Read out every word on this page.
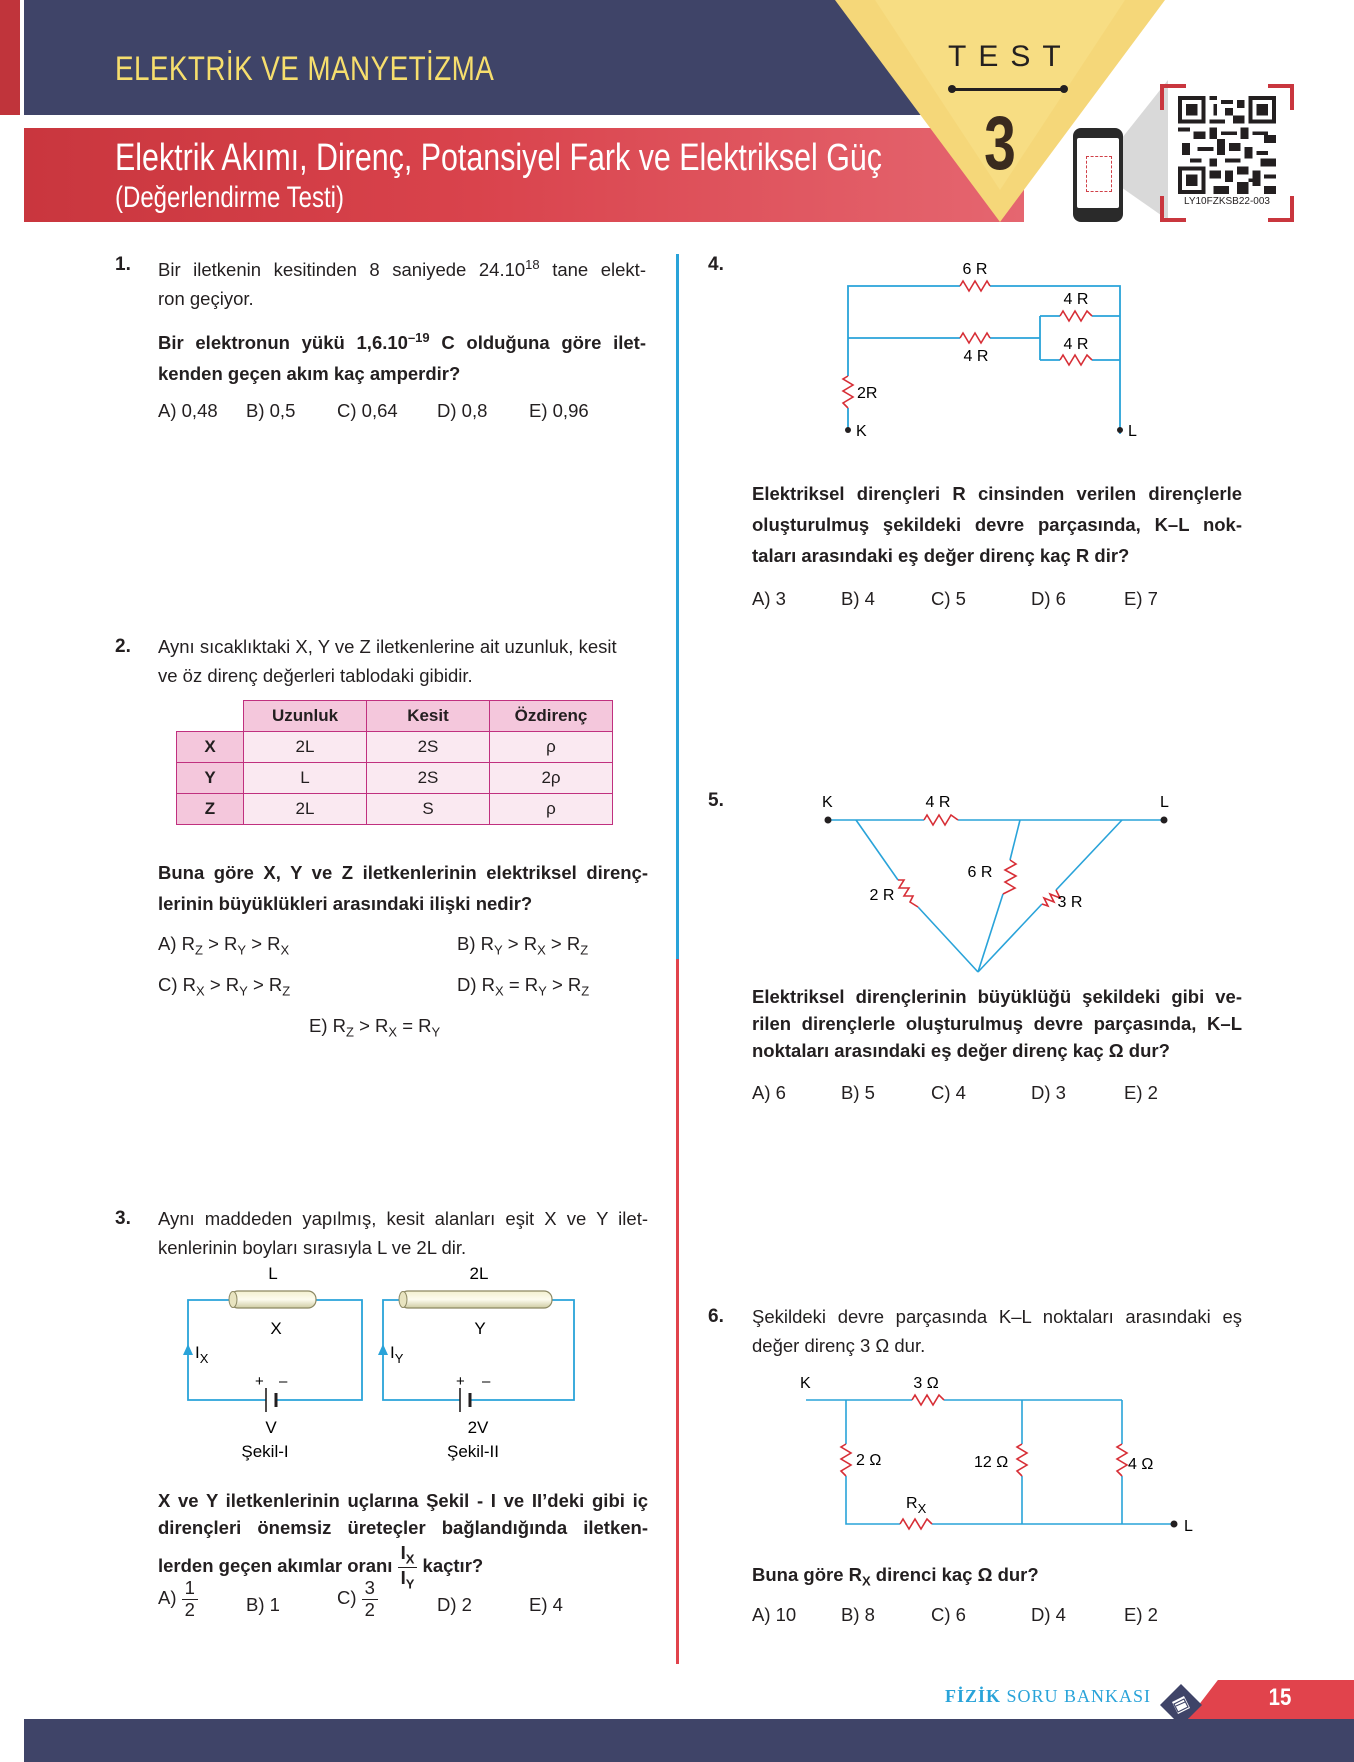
ELEKTRİK VE MANYETİZMA
Elektrik Akımı, Direnç, Potansiyel Fark ve Elektriksel Güç
(Değerlendirme Testi)
TEST
3
LY10FZKSB22-003
1. Bir iletkenin kesitinden 8 saniyede 24.10$^{18}$ tane elekt-
ron geçiyor.
Bir elektronun yükü $1,6.10^{-19}$ C olduğuna göre ilet-
kenden geçen akım kaç amperdir?
A) 0,48 B) 0,5 C) 0,64 D) 0,8 E) 0,96
2. Aynı sıcaklıktaki X, Y ve Z iletkenlerine ait uzunluk, kesit
ve öz direnç değerleri tablodaki gibidir.
	Uzunluk	Kesit	Özdirenç
X	2L	2S	ρ
Y	L	2S	2ρ
Z	2L	S	ρ
Buna göre X, Y ve Z iletkenlerinin elektriksel direnç-
lerinin büyüklükleri arasındaki ilişki nedir?
A) $R_Z > R_Y > R_X$	B) $R_Y > R_X > R_Z$
C) $R_X > R_Y > R_Z$	D) $R_X = R_Y > R_Z$
E) $R_Z > R_X = R_Y$
3. Aynı maddeden yapılmış, kesit alanları eşit X ve Y ilet-
kenlerinin boyları sırasıyla L ve 2L dir.
L
X
$I_X$
+ –
V
Şekil-I
2L
Y
$I_Y$
+ –
2V
Şekil-II
X ve Y iletkenlerinin uçlarına Şekil - I ve II’deki gibi iç
dirençleri önemsiz üreteçler bağlandığında iletken-
lerden geçen akımlar oranı $\frac{I_X}{I_Y}$ kaçtır?
$A) \frac{1}{2}$	B) 1	$C) \frac{3}{2}$	D) 2	E) 4
4.	6 R
4 R
4 R
4 R
2R
K	L
Elektriksel dirençleri R cinsinden verilen dirençlerle
oluşturulmuş şekildeki devre parçasında, K–L nok-
taları arasındaki eş değer direnç kaç R dir?
A) 3	B) 4	C) 5	D) 6	E) 7
5.	K	L
4 R
2 R
6 R
3 R
Elektriksel dirençlerinin büyüklüğü şekildeki gibi ve-
rilen dirençlerle oluşturulmuş devre parçasında, K–L
noktaları arasındaki eş değer direnç kaç Ω dur?
A) 6	B) 5	C) 4	D) 3	E) 2
6. Şekildeki devre parçasında K–L noktaları arasındaki eş
değer direnç 3 Ω dur.
K
L
3 Ω
2 Ω	12 Ω	4 Ω
$R_X$
Buna göre $R_X$ direnci kaç Ω dur?
A) 10 B) 8	C) 6	D) 4	E) 2
FİZİK SORU BANKASI	15
